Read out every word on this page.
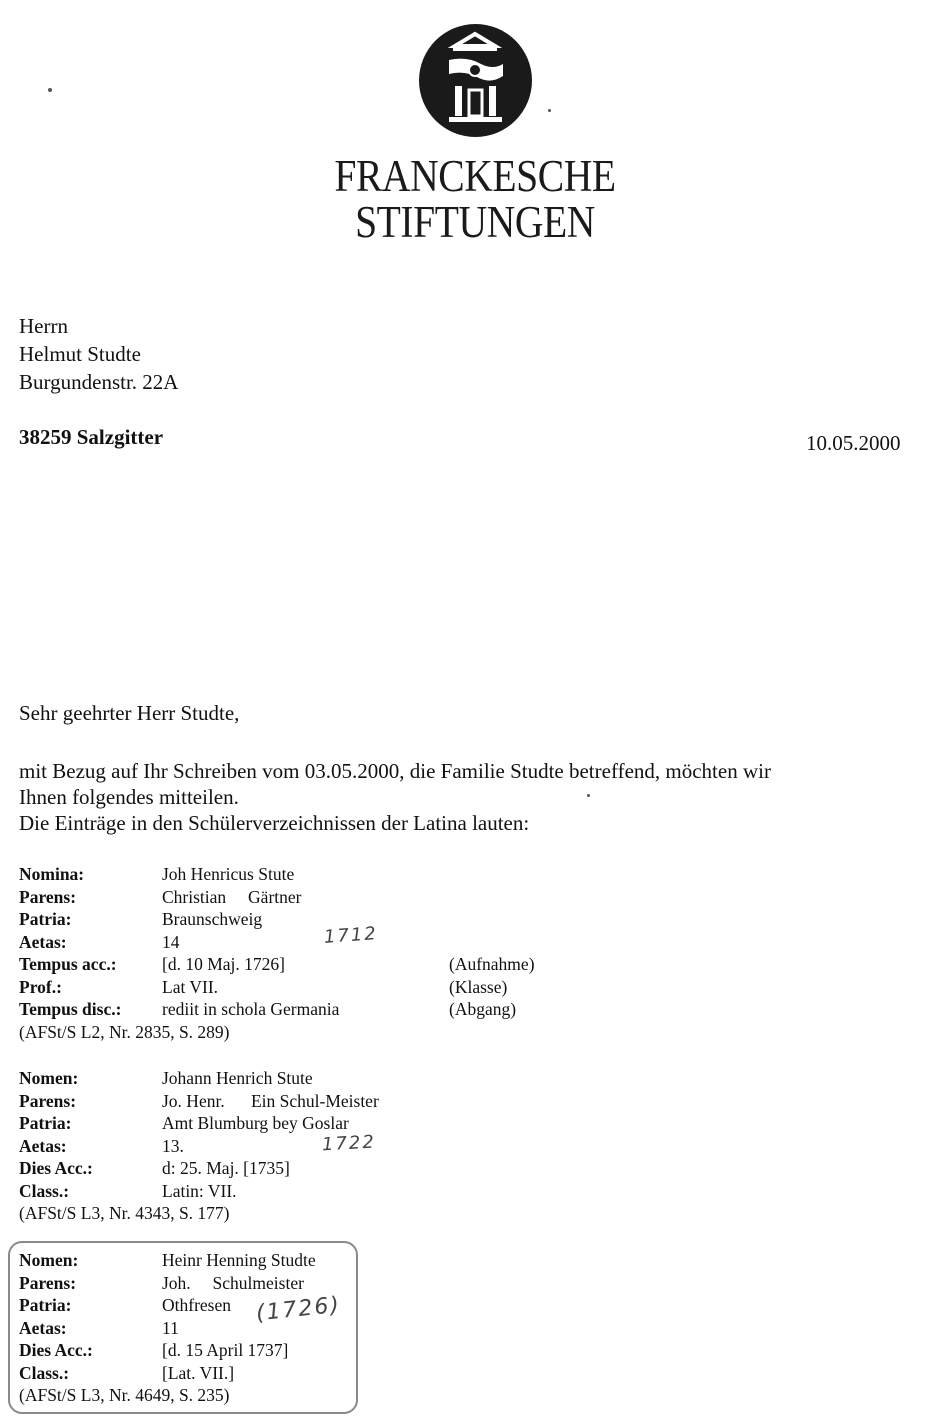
FRANCKESCHE
STIFTUNGEN
Herrn
Helmut Studte
Burgundenstr. 22A
38259 Salzgitter	10.05.2000
Sehr geehrter Herr Studte,
mit Bezug auf Ihr Schreiben vom 03.05.2000, die Familie Studte betreffend, möchten wir
Ihnen folgendes mitteilen.
Die Einträge in den Schülerverzeichnissen der Latina lauten:
Nomina:	Joh Henricus Stute
Parens:	Christian     Gärtner
Patria:	Braunschweig
Aetas:	14
Tempus acc.:	[d. 10 Maj. 1726]	(Aufnahme)
Prof.:	Lat VII.	(Klasse)
Tempus disc.: rediit in schola Germania	(Abgang)
(AFSt/S L2, Nr. 2835, S. 289)
1712
Nomen:	Johann Henrich Stute
Parens:	Jo. Henr.      Ein Schul-Meister
Patria:	Amt Blumburg bey Goslar
Aetas:	13.
Dies Acc.:	d: 25. Maj. [1735]
Class.:	Latin: VII.
(AFSt/S L3, Nr. 4343, S. 177)
1722
Nomen:	Heinr Henning Studte
Parens:	Joh.     Schulmeister
Patria:	Othfresen
Aetas:	11
Dies Acc.:	[d. 15 April 1737]
Class.:	[Lat. VII.]
(AFSt/S L3, Nr. 4649, S. 235)
(1726)
